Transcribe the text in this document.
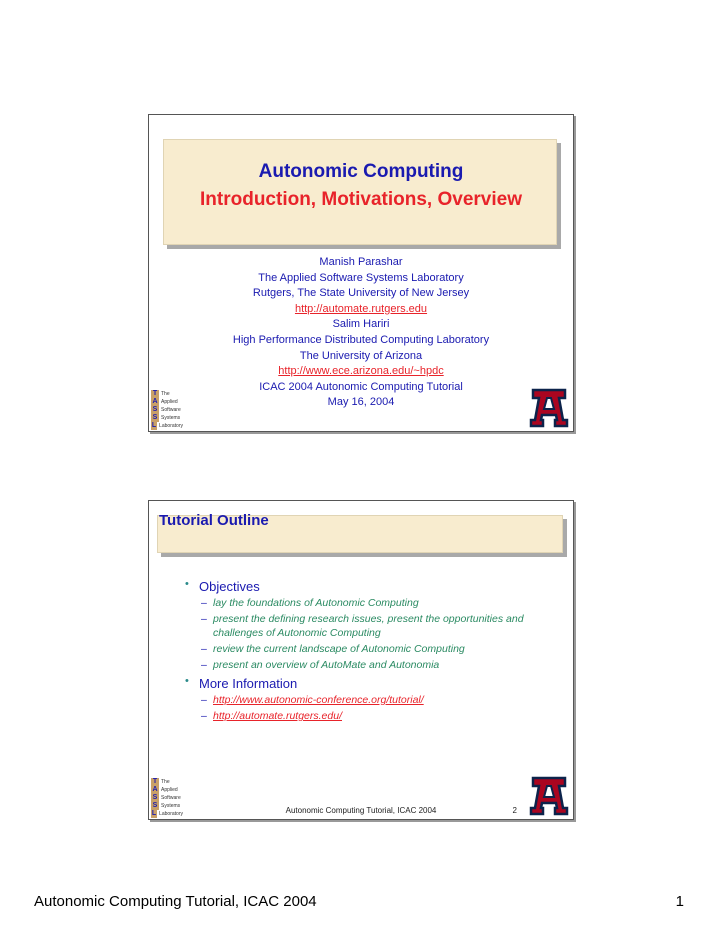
Autonomic Computing
Introduction, Motivations, Overview
Manish Parashar
The Applied Software Systems Laboratory
Rutgers, The State University of New Jersey
http://automate.rutgers.edu
Salim Hariri
High Performance Distributed Computing Laboratory
The University of Arizona
http://www.ece.arizona.edu/~hpdc
ICAC 2004 Autonomic Computing Tutorial
May 16, 2004
T The
A Applied
S Software
S Systems
L Laboratory
Tutorial Outline
• Objectives
– lay the foundations of Autonomic Computing
– present the defining research issues, present the opportunities and challenges of Autonomic Computing
– review the current landscape of Autonomic Computing
– present an overview of AutoMate and Autonomia
• More Information
– http://www.autonomic-conference.org/tutorial/
– http://automate.rutgers.edu/
T The
A Applied
S Software
S Systems
L Laboratory	Autonomic Computing Tutorial, ICAC 2004	2
Autonomic Computing Tutorial, ICAC 2004	1
